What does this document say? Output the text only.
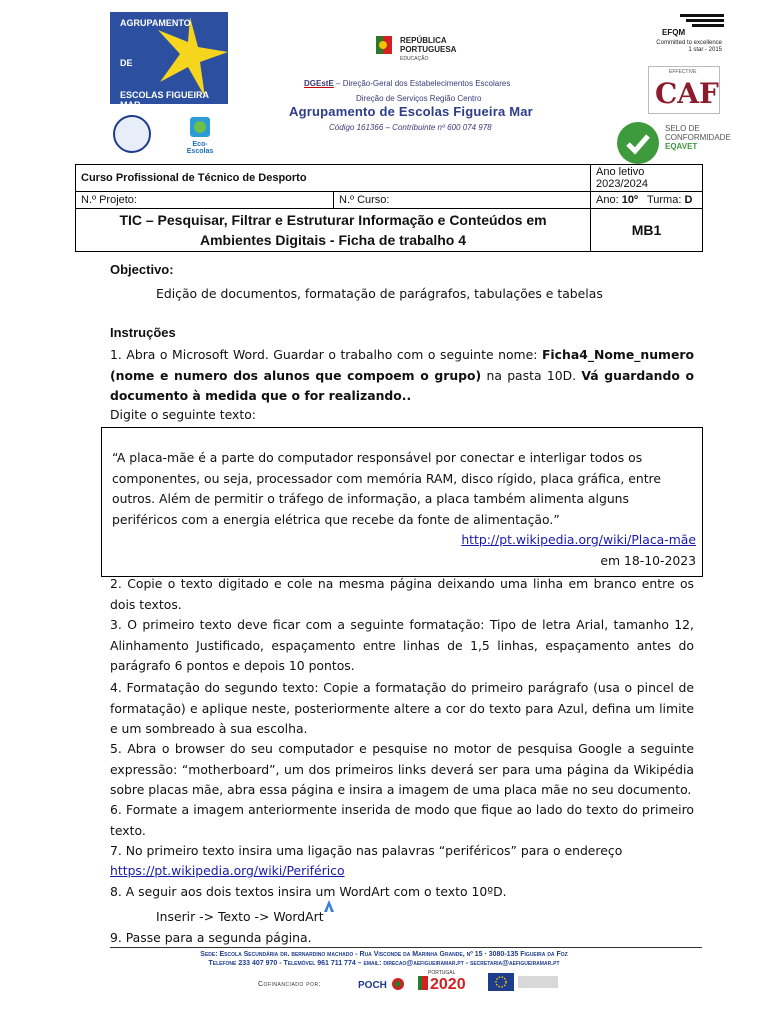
AGRUPAMENTO
DE
ESCOLAS FIGUEIRA MAR
Eco-Escolas
REPÚBLICA
PORTUGUESA
EDUCAÇÃO
DGEstE – Direção-Geral dos Estabelecimentos Escolares
Direção de Serviços Região Centro
Agrupamento de Escolas Figueira Mar
Código 161366 – Contribuinte nº 600 074 978
EFQM
Committed to excellence
1 star - 2015
EFFECTIVE
CAF
SELO DE
CONFORMIDADE
EQAVET
Curso Profissional de Técnico de Desporto		Ano letivo 2023/2024
N.º Projeto:	N.º Curso:	Ano: 10º Turma: D

TIC – Pesquisar, Filtrar e Estruturar Informação e Conteúdos em
Ambientes Digitais - Ficha de trabalho 4		MB1
Objectivo:
Edição de documentos, formatação de parágrafos, tabulações e tabelas
Instruções
1. Abra o Microsoft Word. Guardar o trabalho com o seguinte nome: Ficha4_Nome_numero (nome e numero dos alunos que compoem o grupo) na pasta 10D. Vá guardando o documento à medida que o for realizando..
Digite o seguinte texto:
“A placa-mãe é a parte do computador responsável por conectar e interligar todos os componentes, ou seja, processador com memória RAM, disco rígido, placa gráfica, entre outros. Além de permitir o tráfego de informação, a placa também alimenta alguns periféricos com a energia elétrica que recebe da fonte de alimentação.”
http://pt.wikipedia.org/wiki/Placa-mãe
em 18-10-2023
2. Copie o texto digitado e cole na mesma página deixando uma linha em branco entre os dois textos.
3. O primeiro texto deve ficar com a seguinte formatação: Tipo de letra Arial, tamanho 12, Alinhamento Justificado, espaçamento entre linhas de 1,5 linhas, espaçamento antes do parágrafo 6 pontos e depois 10 pontos.
4. Formatação do segundo texto: Copie a formatação do primeiro parágrafo (usa o pincel de formatação) e aplique neste, posteriormente altere a cor do texto para Azul, defina um limite e um sombreado à sua escolha.
5. Abra o browser do seu computador e pesquise no motor de pesquisa Google a seguinte expressão: “motherboard”, um dos primeiros links deverá ser para uma página da Wikipédia sobre placas mãe, abra essa página e insira a imagem de uma placa mãe no seu documento.
6. Formate a imagem anteriormente inserida de modo que fique ao lado do texto do primeiro texto.
7. No primeiro texto insira uma ligação nas palavras “periféricos” para o endereço
https://pt.wikipedia.org/wiki/Periférico
8. A seguir aos dois textos insira um WordArt com o texto 10ºD.
Inserir -> Texto -> WordArt
9. Passe para a segunda página.
Sede: Escola Secundária dr. bernardino machado - Rua Visconde da Marinha Grande, nº 15 · 3080-135 Figueira da Foz
Telefone 233 407 970 - Telemóvel 961 711 774 – email: direcao@aefigueiramar.pt - secretaria@aefigueiramar.pt
Cofinanciado por:	POCH
PORTUGAL
2020
